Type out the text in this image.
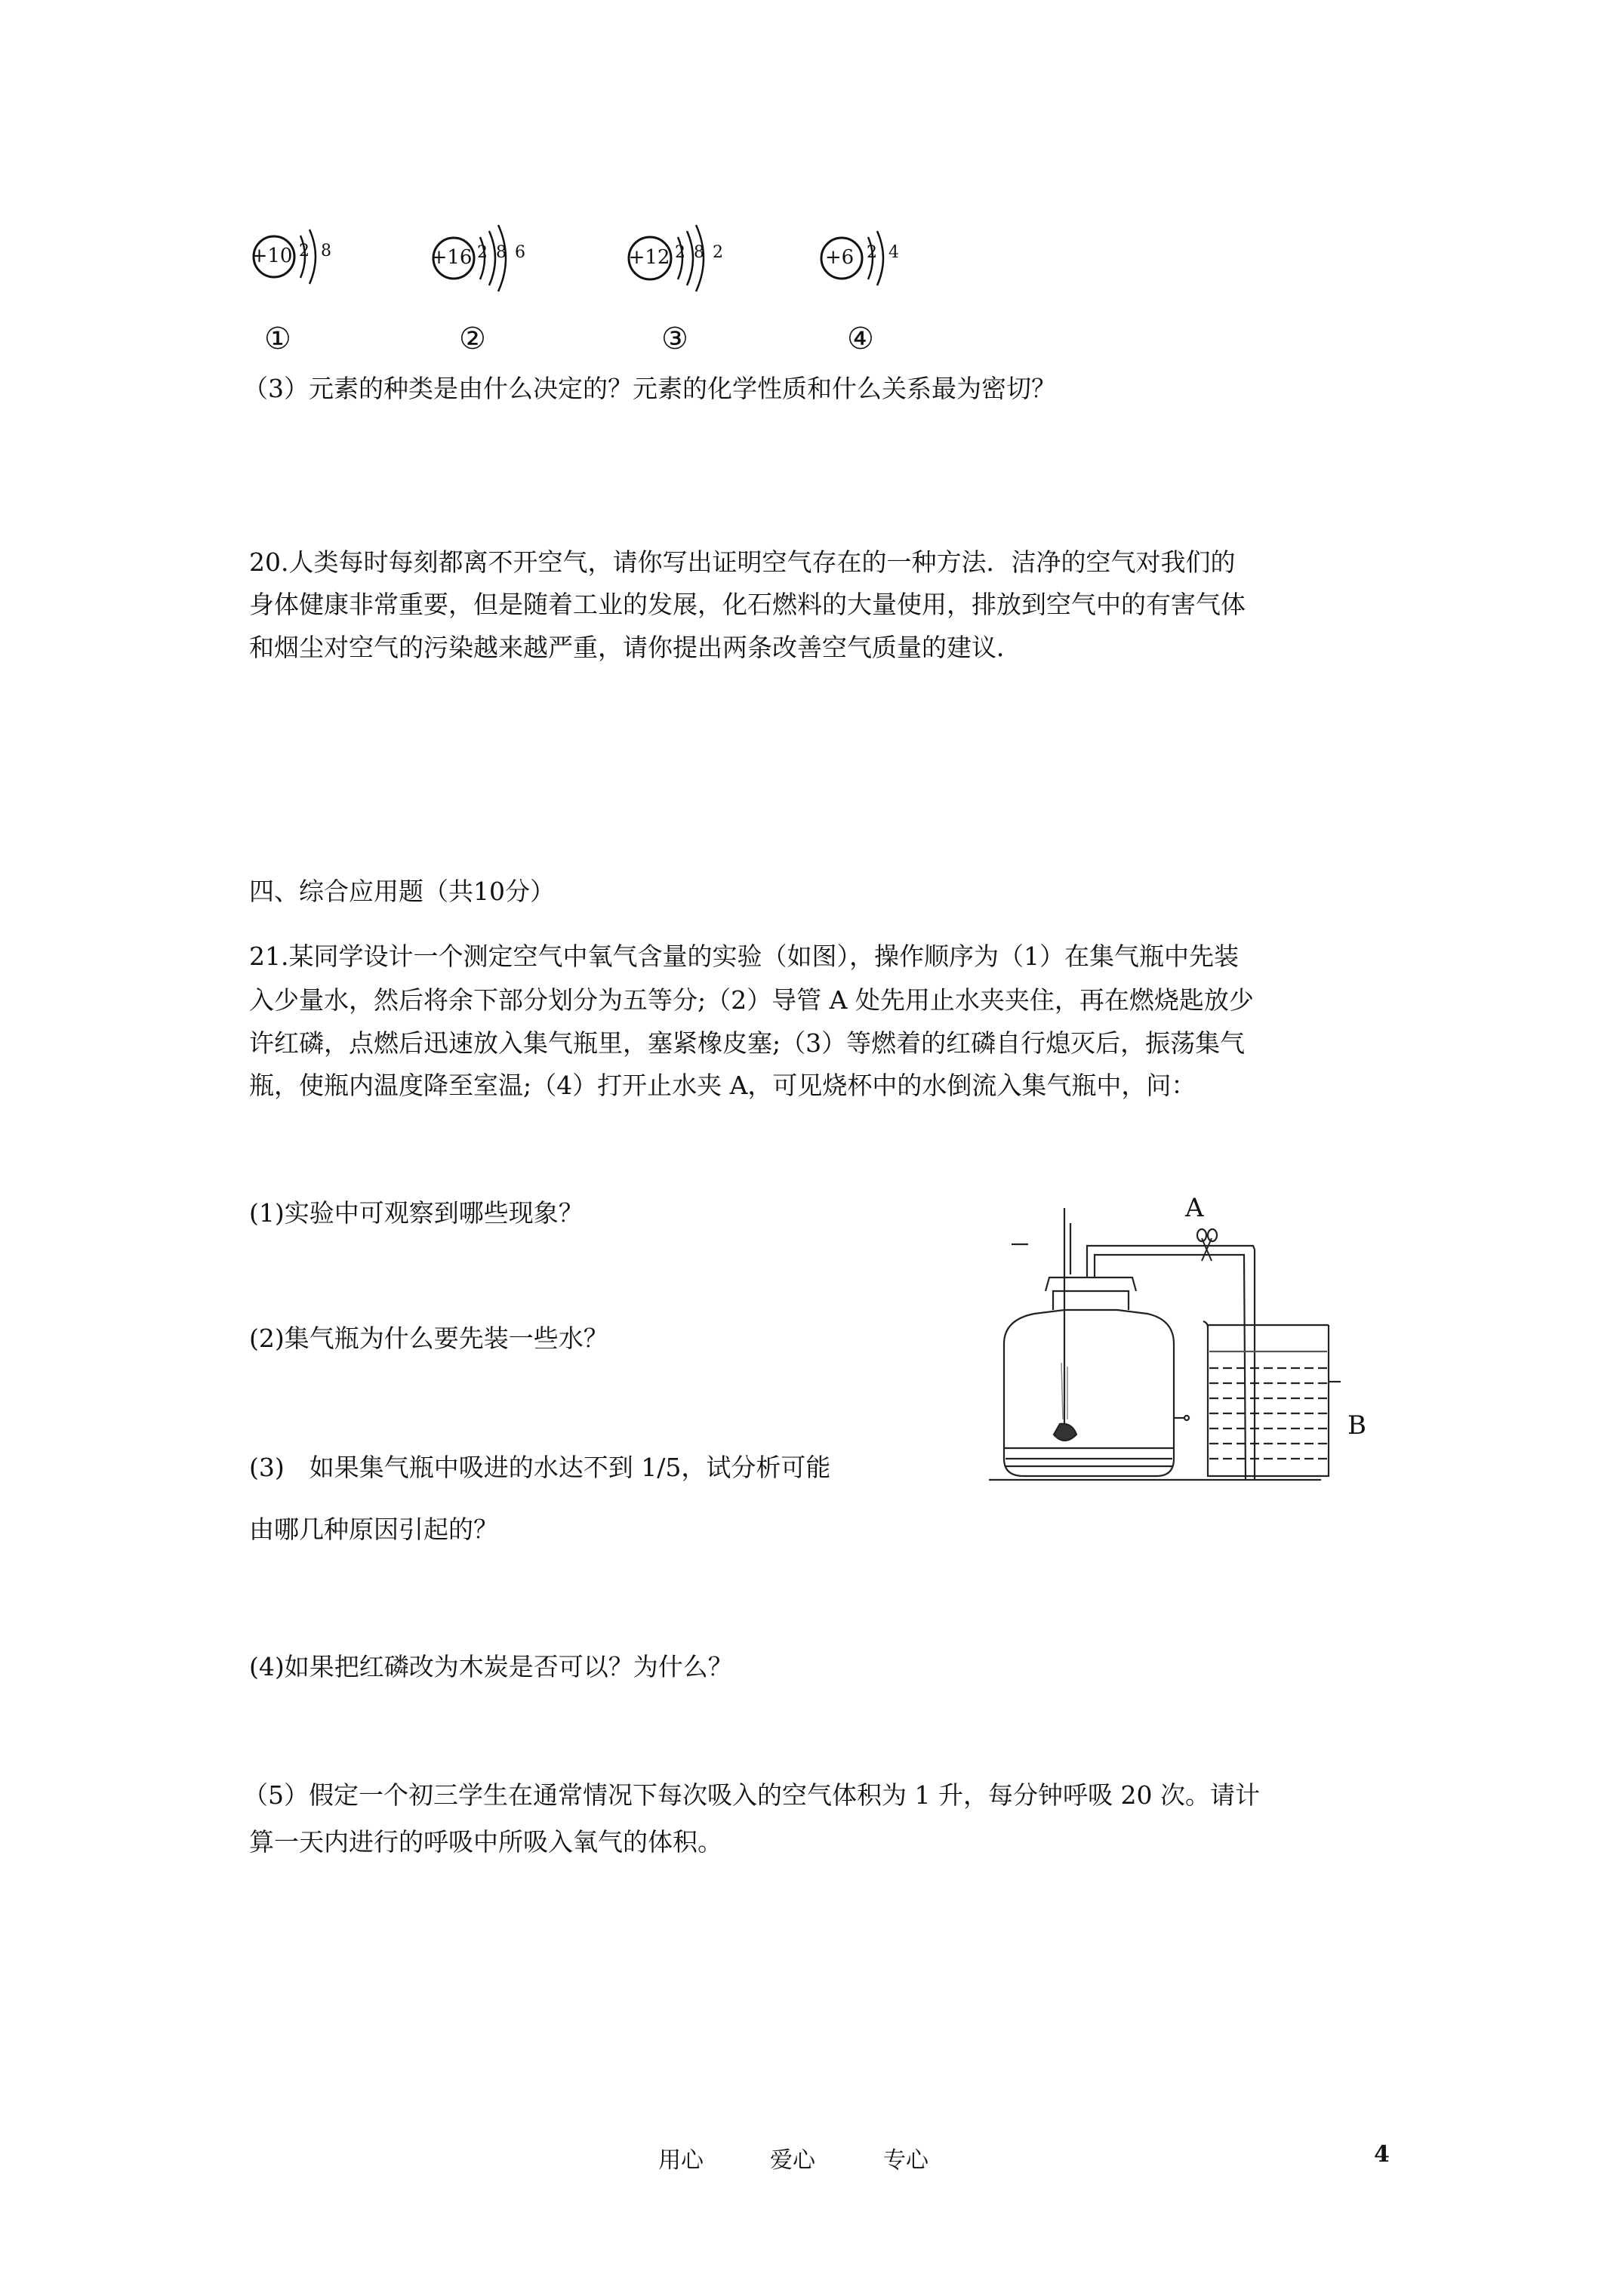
+10 2 8
①
+16 2 8 6
②
+12 2 8 2
③
+6 2 4
④
（3）元素的种类是由什么决定的？元素的化学性质和什么关系最为密切？
20.人类每时每刻都离不开空气，请你写出证明空气存在的一种方法．洁净的空气对我们的
身体健康非常重要，但是随着工业的发展，化石燃料的大量使用，排放到空气中的有害气体
和烟尘对空气的污染越来越严重，请你提出两条改善空气质量的建议．
四、综合应用题（共10分）
21.某同学设计一个测定空气中氧气含量的实验（如图），操作顺序为（1）在集气瓶中先装
入少量水，然后将余下部分划分为五等分;（2）导管 A 处先用止水夹夹住，再在燃烧匙放少
许红磷，点燃后迅速放入集气瓶里，塞紧橡皮塞;（3）等燃着的红磷自行熄灭后，振荡集气
瓶，使瓶内温度降至室温;（4）打开止水夹 A，可见烧杯中的水倒流入集气瓶中，问：
(1)实验中可观察到哪些现象？
(2)集气瓶为什么要先装一些水？
(3)　如果集气瓶中吸进的水达不到 1/5，试分析可能
由哪几种原因引起的？
(4)如果把红磷改为木炭是否可以？为什么？
（5）假定一个初三学生在通常情况下每次吸入的空气体积为 1 升，每分钟呼吸 20 次。请计
算一天内进行的呼吸中所吸入氧气的体积。
A
B
用心	爱心	专心	4
